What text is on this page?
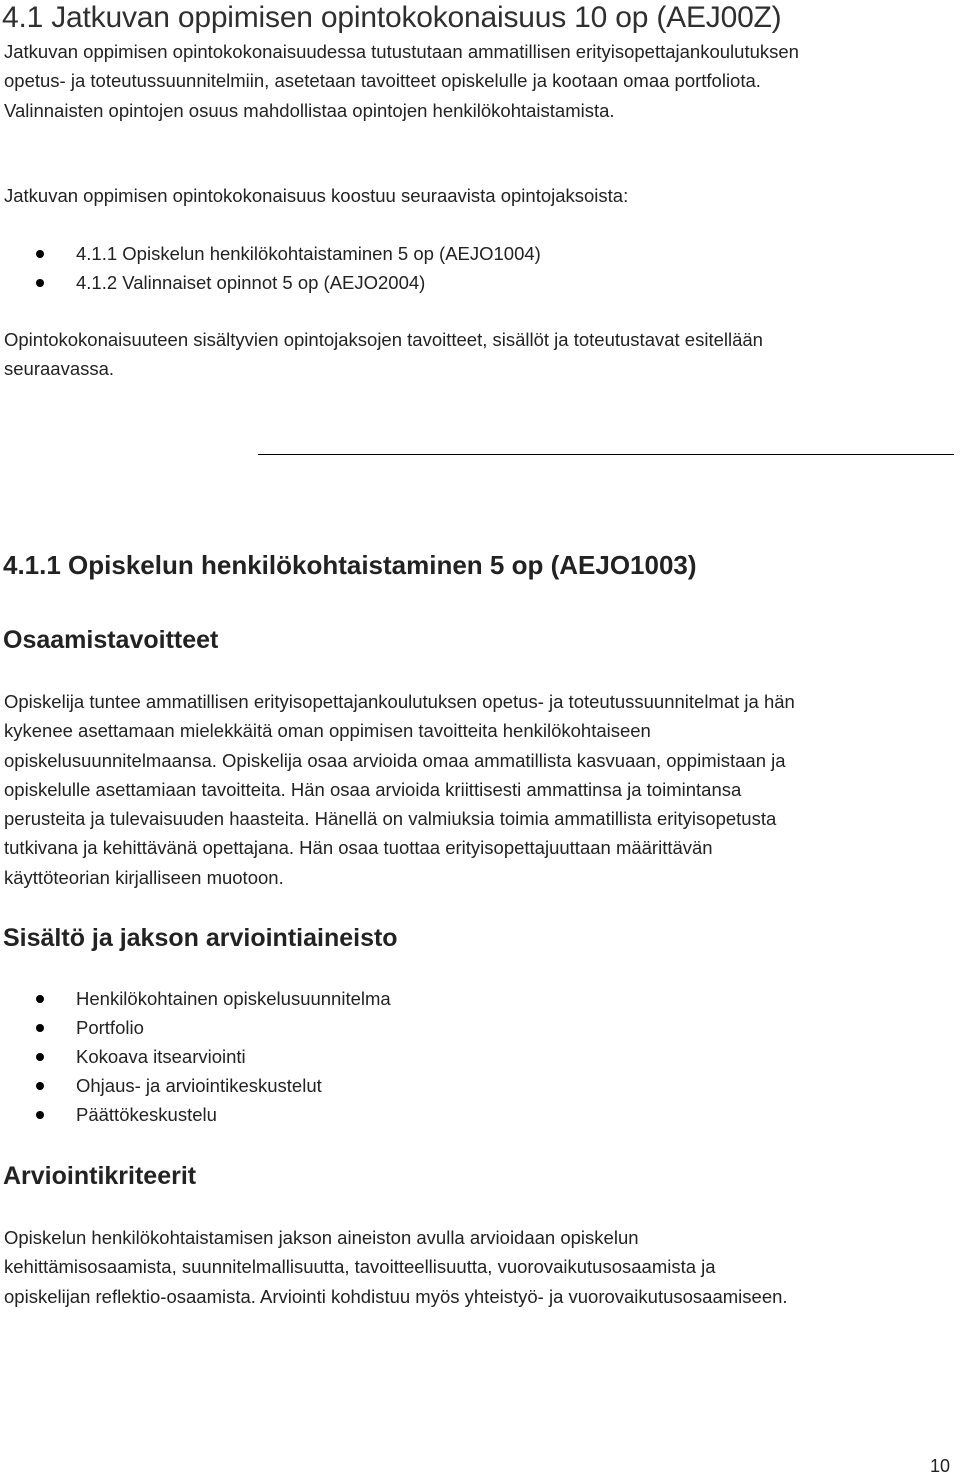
4.1 Jatkuvan oppimisen opintokokonaisuus 10 op (AEJ00Z)
Jatkuvan oppimisen opintokokonaisuudessa tutustutaan ammatillisen erityisopettajankoulutuksen
opetus- ja toteutussuunnitelmiin, asetetaan tavoitteet opiskelulle ja kootaan omaa portfoliota.
Valinnaisten opintojen osuus mahdollistaa opintojen henkilökohtaistamista.
Jatkuvan oppimisen opintokokonaisuus koostuu seuraavista opintojaksoista:
4.1.1 Opiskelun henkilökohtaistaminen 5 op (AEJO1004)
4.1.2 Valinnaiset opinnot 5 op (AEJO2004)
Opintokokonaisuuteen sisältyvien opintojaksojen tavoitteet, sisällöt ja toteutustavat esitellään
seuraavassa.
4.1.1 Opiskelun henkilökohtaistaminen 5 op (AEJO1003)
Osaamistavoitteet
Opiskelija tuntee ammatillisen erityisopettajankoulutuksen opetus- ja toteutussuunnitelmat ja hän
kykenee asettamaan mielekkäitä oman oppimisen tavoitteita henkilökohtaiseen
opiskelusuunnitelmaansa. Opiskelija osaa arvioida omaa ammatillista kasvuaan, oppimistaan ja
opiskelulle asettamiaan tavoitteita. Hän osaa arvioida kriittisesti ammattinsa ja toimintansa
perusteita ja tulevaisuuden haasteita. Hänellä on valmiuksia toimia ammatillista erityisopetusta
tutkivana ja kehittävänä opettajana. Hän osaa tuottaa erityisopettajuuttaan määrittävän
käyttöteorian kirjalliseen muotoon.
Sisältö ja jakson arviointiaineisto
Henkilökohtainen opiskelusuunnitelma
Portfolio
Kokoava itsearviointi
Ohjaus- ja arviointikeskustelut
Päättökeskustelu
Arviointikriteerit
Opiskelun henkilökohtaistamisen jakson aineiston avulla arvioidaan opiskelun
kehittämisosaamista, suunnitelmallisuutta, tavoitteellisuutta, vuorovaikutusosaamista ja
opiskelijan reflektio-osaamista. Arviointi kohdistuu myös yhteistyö- ja vuorovaikutusosaamiseen.
10
